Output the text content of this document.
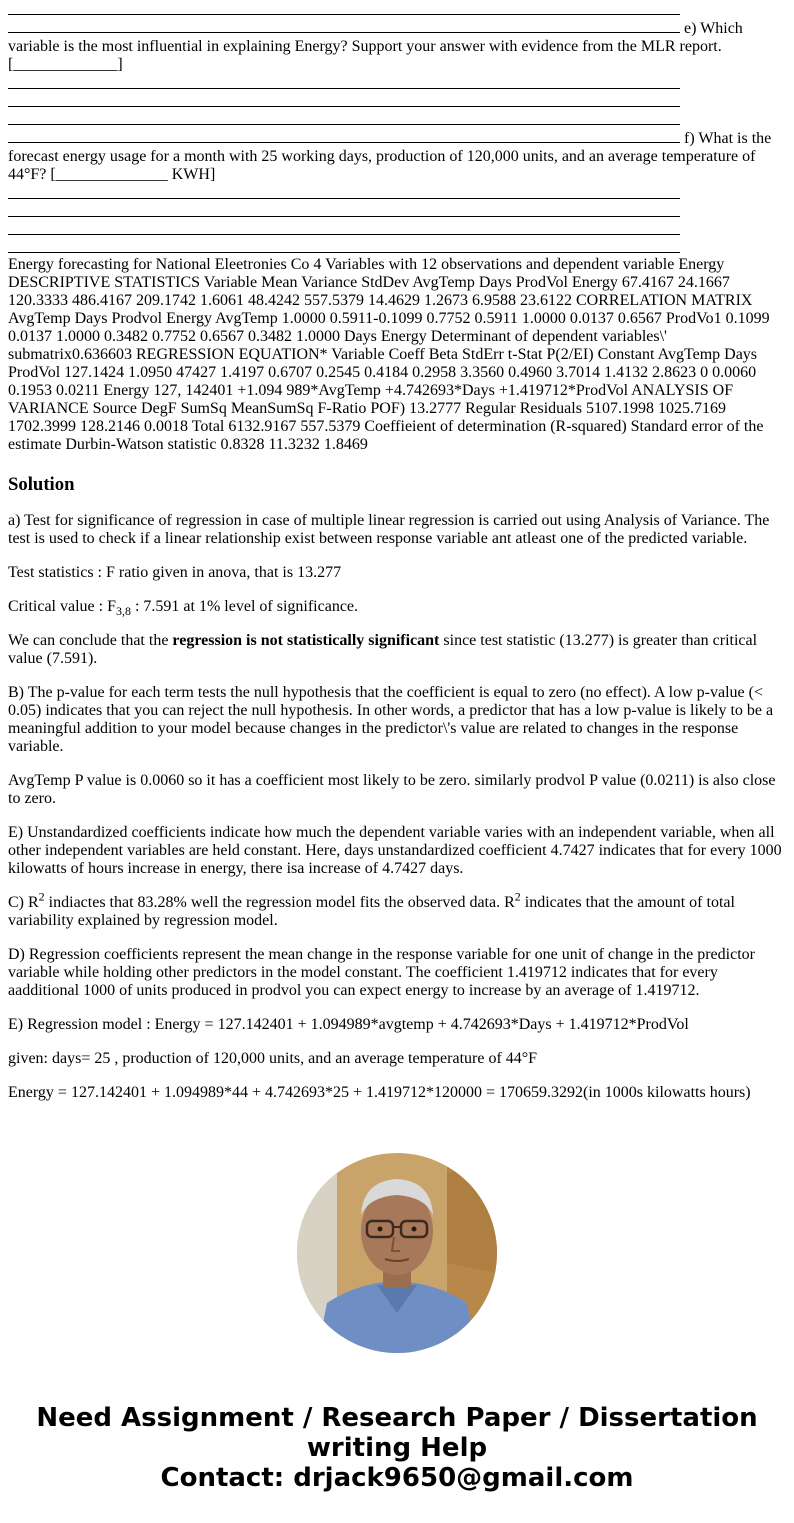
e) Which variable is the most influential in explaining Energy? Support your answer with evidence from the MLR report. [_____________]
f) What is the forecast energy usage for a month with 25 working days, production of 120,000 units, and an average temperature of 44°F? [______________ KWH]

Energy forecasting for National Eleetronies Co 4 Variables with 12 observations and dependent variable Energy DESCRIPTIVE STATISTICS Variable Mean Variance StdDev AvgTemp Days ProdVol Energy 67.4167 24.1667 120.3333 486.4167 209.1742 1.6061 48.4242 557.5379 14.4629 1.2673 6.9588 23.6122 CORRELATION MATRIX AvgTemp Days Prodvol Energy AvgTemp 1.0000 0.5911-0.1099 0.7752 0.5911 1.0000 0.0137 0.6567 ProdVo1 0.1099 0.0137 1.0000 0.3482 0.7752 0.6567 0.3482 1.0000 Days Energy Determinant of dependent variables\' submatrix0.636603 REGRESSION EQUATION* Variable Coeff Beta StdErr t-Stat P(2/EI) Constant AvgTemp Days ProdVol 127.1424 1.0950 47427 1.4197 0.6707 0.2545 0.4184 0.2958 3.3560 0.4960 3.7014 1.4132 2.8623 0 0.0060 0.1953 0.0211 Energy 127, 142401 +1.094 989*AvgTemp +4.742693*Days +1.419712*ProdVol ANALYSIS OF VARIANCE Source DegF SumSq MeanSumSq F-Ratio POF) 13.2777 Regular Residuals 5107.1998 1025.7169 1702.3999 128.2146 0.0018 Total 6132.9167 557.5379 Coeffieient of determination (R-squared) Standard error of the estimate Durbin-Watson statistic 0.8328 11.3232 1.8469

Solution

a) Test for significance of regression in case of multiple linear regression is carried out using Analysis of Variance. The test is used to check if a linear relationship exist between response variable ant atleast one of the predicted variable.

Test statistics : F ratio given in anova, that is 13.277

Critical value : $F_{3,8}$ : 7.591 at 1% level of significance.

We can conclude that the regression is not statistically significant since test statistic (13.277) is greater than critical value (7.591).

B) The p-value for each term tests the null hypothesis that the coefficient is equal to zero (no effect). A low p-value (< 0.05) indicates that you can reject the null hypothesis. In other words, a predictor that has a low p-value is likely to be a meaningful addition to your model because changes in the predictor\'s value are related to changes in the response variable.

AvgTemp P value is 0.0060 so it has a coefficient most likely to be zero. similarly prodvol P value (0.0211) is also close to zero.

E) Unstandardized coefficients indicate how much the dependent variable varies with an independent variable, when all other independent variables are held constant. Here, days unstandardized coefficient 4.7427 indicates that for every 1000 kilowatts of hours increase in energy, there isa increase of 4.7427 days.

C) $R^2$ indiactes that 83.28% well the regression model fits the observed data. $R^2$ indicates that the amount of total variability explained by regression model.

D) Regression coefficients represent the mean change in the response variable for one unit of change in the predictor variable while holding other predictors in the model constant. The coefficient 1.419712 indicates that for every aadditional 1000 of units produced in prodvol you can expect energy to increase by an average of 1.419712.

E) Regression model : Energy = 127.142401 + 1.094989*avgtemp + 4.742693*Days + 1.419712*ProdVol

given: days= 25 , production of 120,000 units, and an average temperature of 44°F

Energy = 127.142401 + 1.094989*44 + 4.742693*25 + 1.419712*120000 = 170659.3292(in 1000s kilowatts hours)

Need Assignment / Research Paper / Dissertation
writing Help
Contact: drjack9650@gmail.com
